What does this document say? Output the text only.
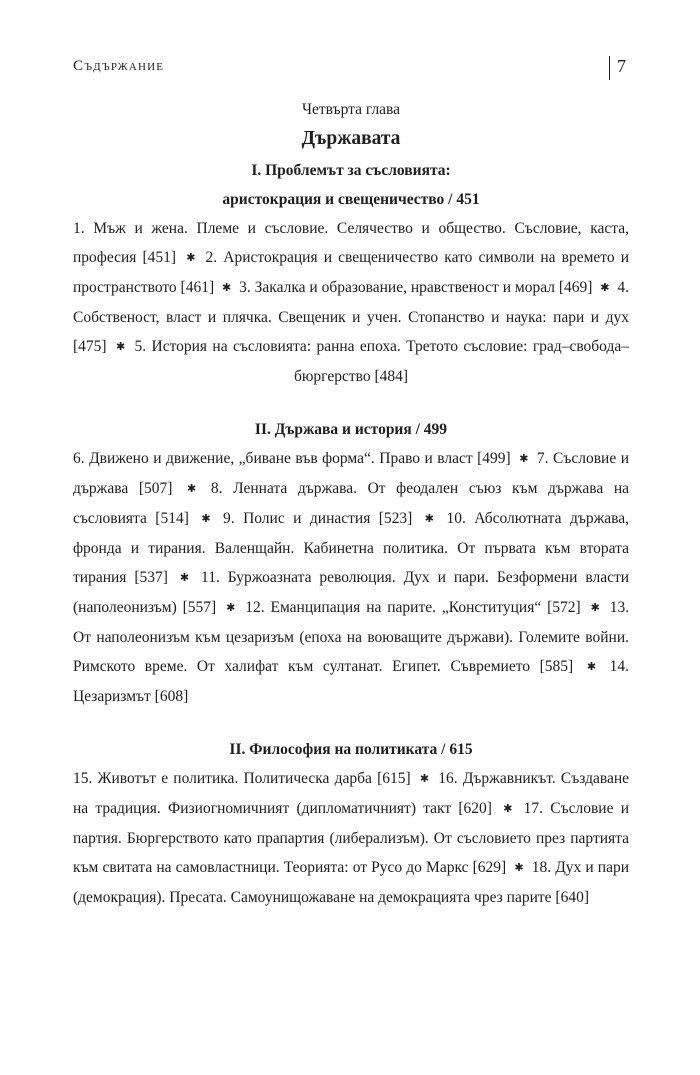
Съдържание	7
Четвърта глава
Държавата
I. Проблемът за съсловията:
аристокрация и свещеничество / 451
1. Мъж и жена. Племе и съсловие. Селячество и общество. Съсловие, каста, професия [451] ✱ 2. Аристокрация и свещеничество като символи на времето и пространството [461] ✱ 3. Закалка и образование, нравственост и морал [469] ✱ 4. Собственост, власт и плячка. Свещеник и учен. Стопанство и наука: пари и дух [475] ✱ 5. История на съсловията: ранна епоха. Третото съсловие: град–свобода–бюргерство [484]
II. Държава и история / 499
6. Движено и движение, „биване във форма“. Право и власт [499] ✱ 7. Съсловие и държава [507] ✱ 8. Ленната държава. От феодален съюз към държава на съсловията [514] ✱ 9. Полис и династия [523] ✱ 10. Абсолютната държава, фронда и тирания. Валенщайн. Кабинетна политика. От първата към втората тирания [537] ✱ 11. Буржоазната революция. Дух и пари. Безформени власти (наполеонизъм) [557] ✱ 12. Еманципация на парите. „Конституция“ [572] ✱ 13. От наполеонизъм към цезаризъм (епоха на воюващите държави). Големите войни. Римското време. От халифат към султанат. Египет. Съвремието [585] ✱ 14. Цезаризмът [608]
II. Философия на политиката / 615
15. Животът е политика. Политическа дарба [615] ✱ 16. Държавникът. Създаване на традиция. Физиогномичният (дипломатичният) такт [620] ✱ 17. Съсловие и партия. Бюргерството като прапартия (либерализъм). От съсловието през партията към свитата на самовластници. Теорията: от Русо до Маркс [629] ✱ 18. Дух и пари (демокрация). Пресата. Самоунищожаване на демокрацията чрез парите [640]
